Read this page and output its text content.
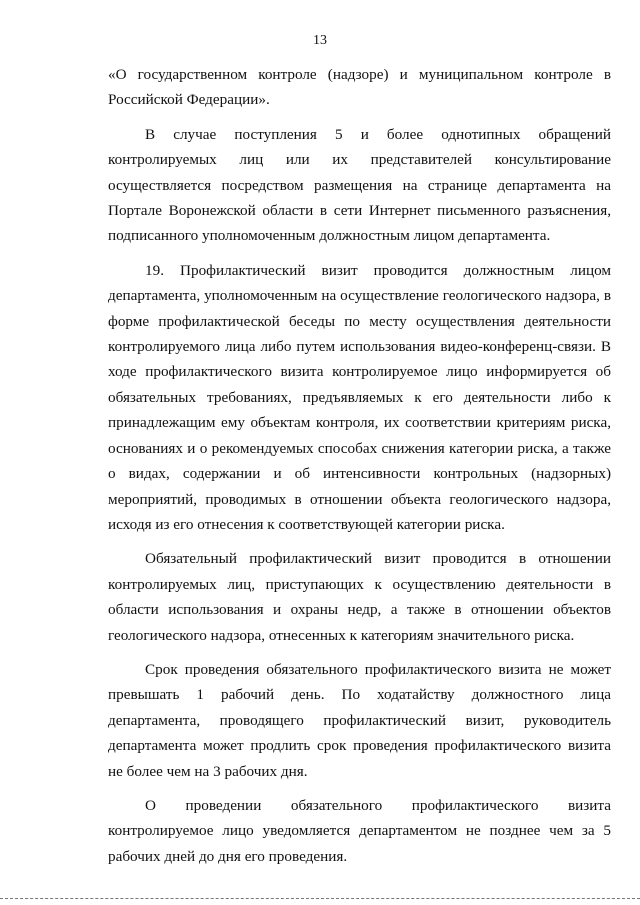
13

«О государственном контроле (надзоре) и муниципальном контроле в Российской Федерации».

В случае поступления 5 и более однотипных обращений контролируемых лиц или их представителей консультирование осуществляется посредством размещения на странице департамента на Портале Воронежской области в сети Интернет письменного разъяснения, подписанного уполномоченным должностным лицом департамента.

19. Профилактический визит проводится должностным лицом департамента, уполномоченным на осуществление геологического надзора, в форме профилактической беседы по месту осуществления деятельности контролируемого лица либо путем использования видео-конференц-связи. В ходе профилактического визита контролируемое лицо информируется об обязательных требованиях, предъявляемых к его деятельности либо к принадлежащим ему объектам контроля, их соответствии критериям риска, основаниях и о рекомендуемых способах снижения категории риска, а также о видах, содержании и об интенсивности контрольных (надзорных) мероприятий, проводимых в отношении объекта геологического надзора, исходя из его отнесения к соответствующей категории риска.

Обязательный профилактический визит проводится в отношении контролируемых лиц, приступающих к осуществлению деятельности в области использования и охраны недр, а также в отношении объектов геологического надзора, отнесенных к категориям значительного риска.

Срок проведения обязательного профилактического визита не может превышать 1 рабочий день. По ходатайству должностного лица департамента, проводящего профилактический визит, руководитель департамента может продлить срок проведения профилактического визита не более чем на 3 рабочих дня.

О проведении обязательного профилактического визита контролируемое лицо уведомляется департаментом не позднее чем за 5 рабочих дней до дня его проведения.
